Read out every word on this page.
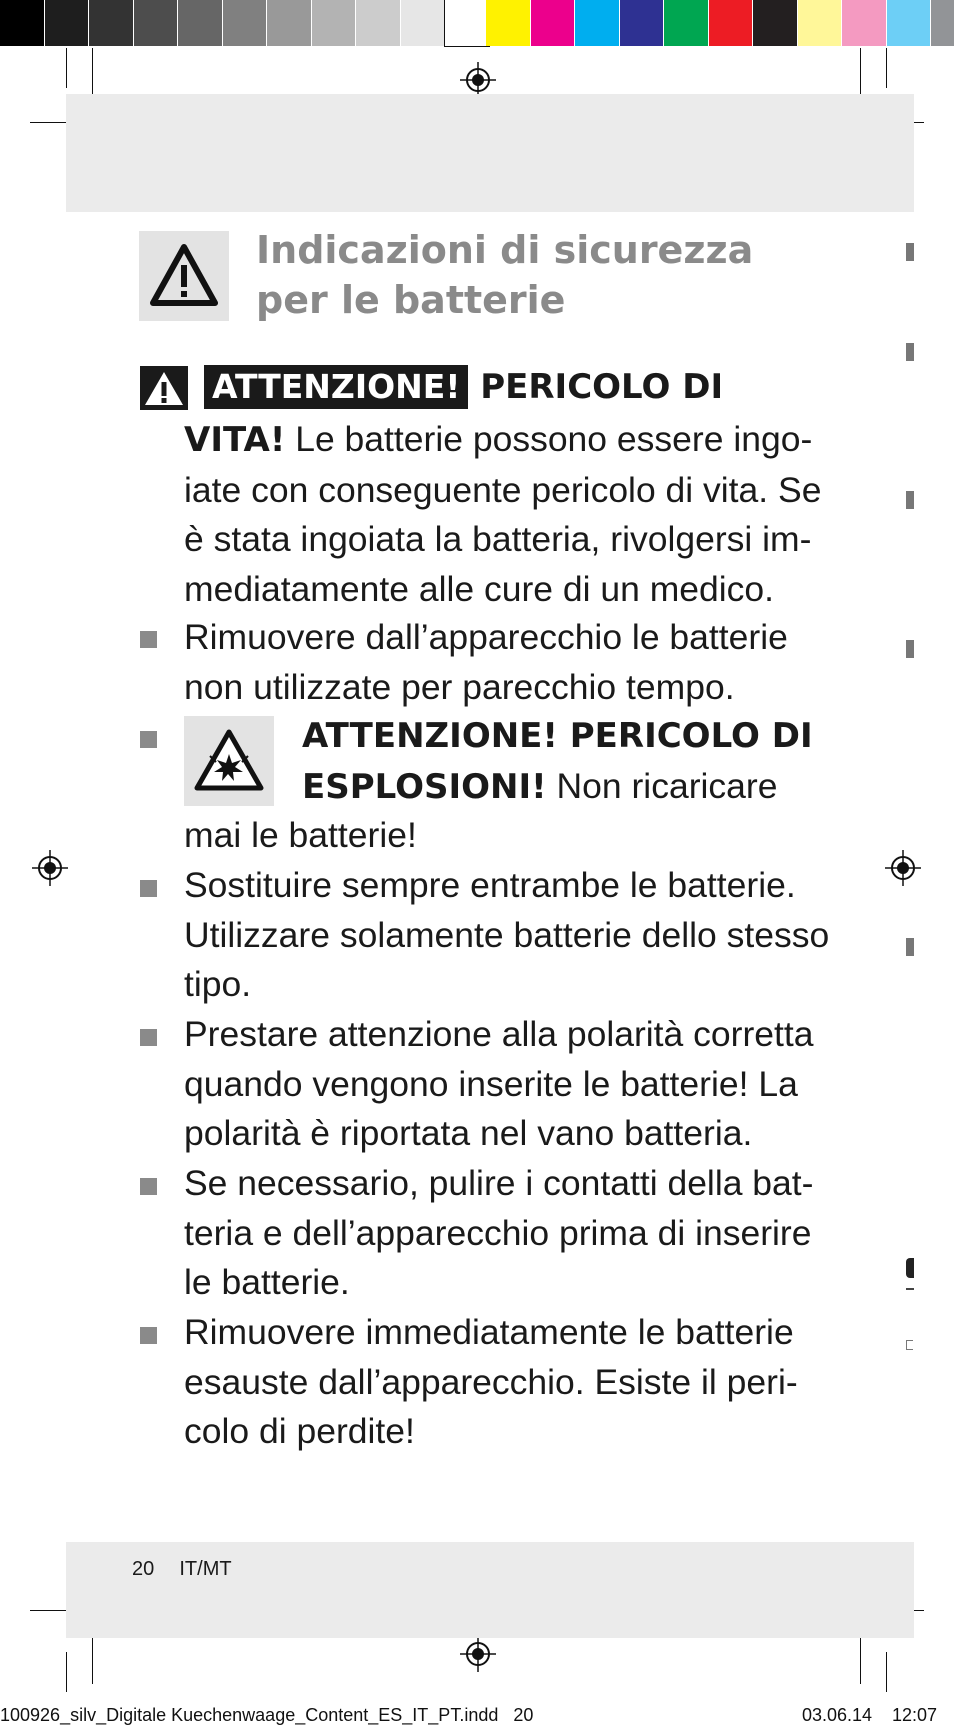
Indicazioni di sicurezza
per le batterie
ATTENZIONE! PERICOLO DI
VITA! Le batterie possono essere ingo-
iate con conseguente pericolo di vita. Se
è stata ingoiata la batteria, rivolgersi im-
mediatamente alle cure di un medico.
Rimuovere dall’apparecchio le batterie
non utilizzate per parecchio tempo.
ATTENZIONE! PERICOLO DI
ESPLOSIONI! Non ricaricare
mai le batterie!
Sostituire sempre entrambe le batterie.
Utilizzare solamente batterie dello stesso
tipo.
Prestare attenzione alla polarità corretta
quando vengono inserite le batterie! La
polarità è riportata nel vano batteria.
Se necessario, pulire i contatti della bat-
teria e dell’apparecchio prima di inserire
le batterie.
Rimuovere immediatamente le batterie
esauste dall’apparecchio. Esiste il peri-
colo di perdite!
20 IT/MT
100926_silv_Digitale Kuechenwaage_Content_ES_IT_PT.indd   20	03.06.14 12:07
